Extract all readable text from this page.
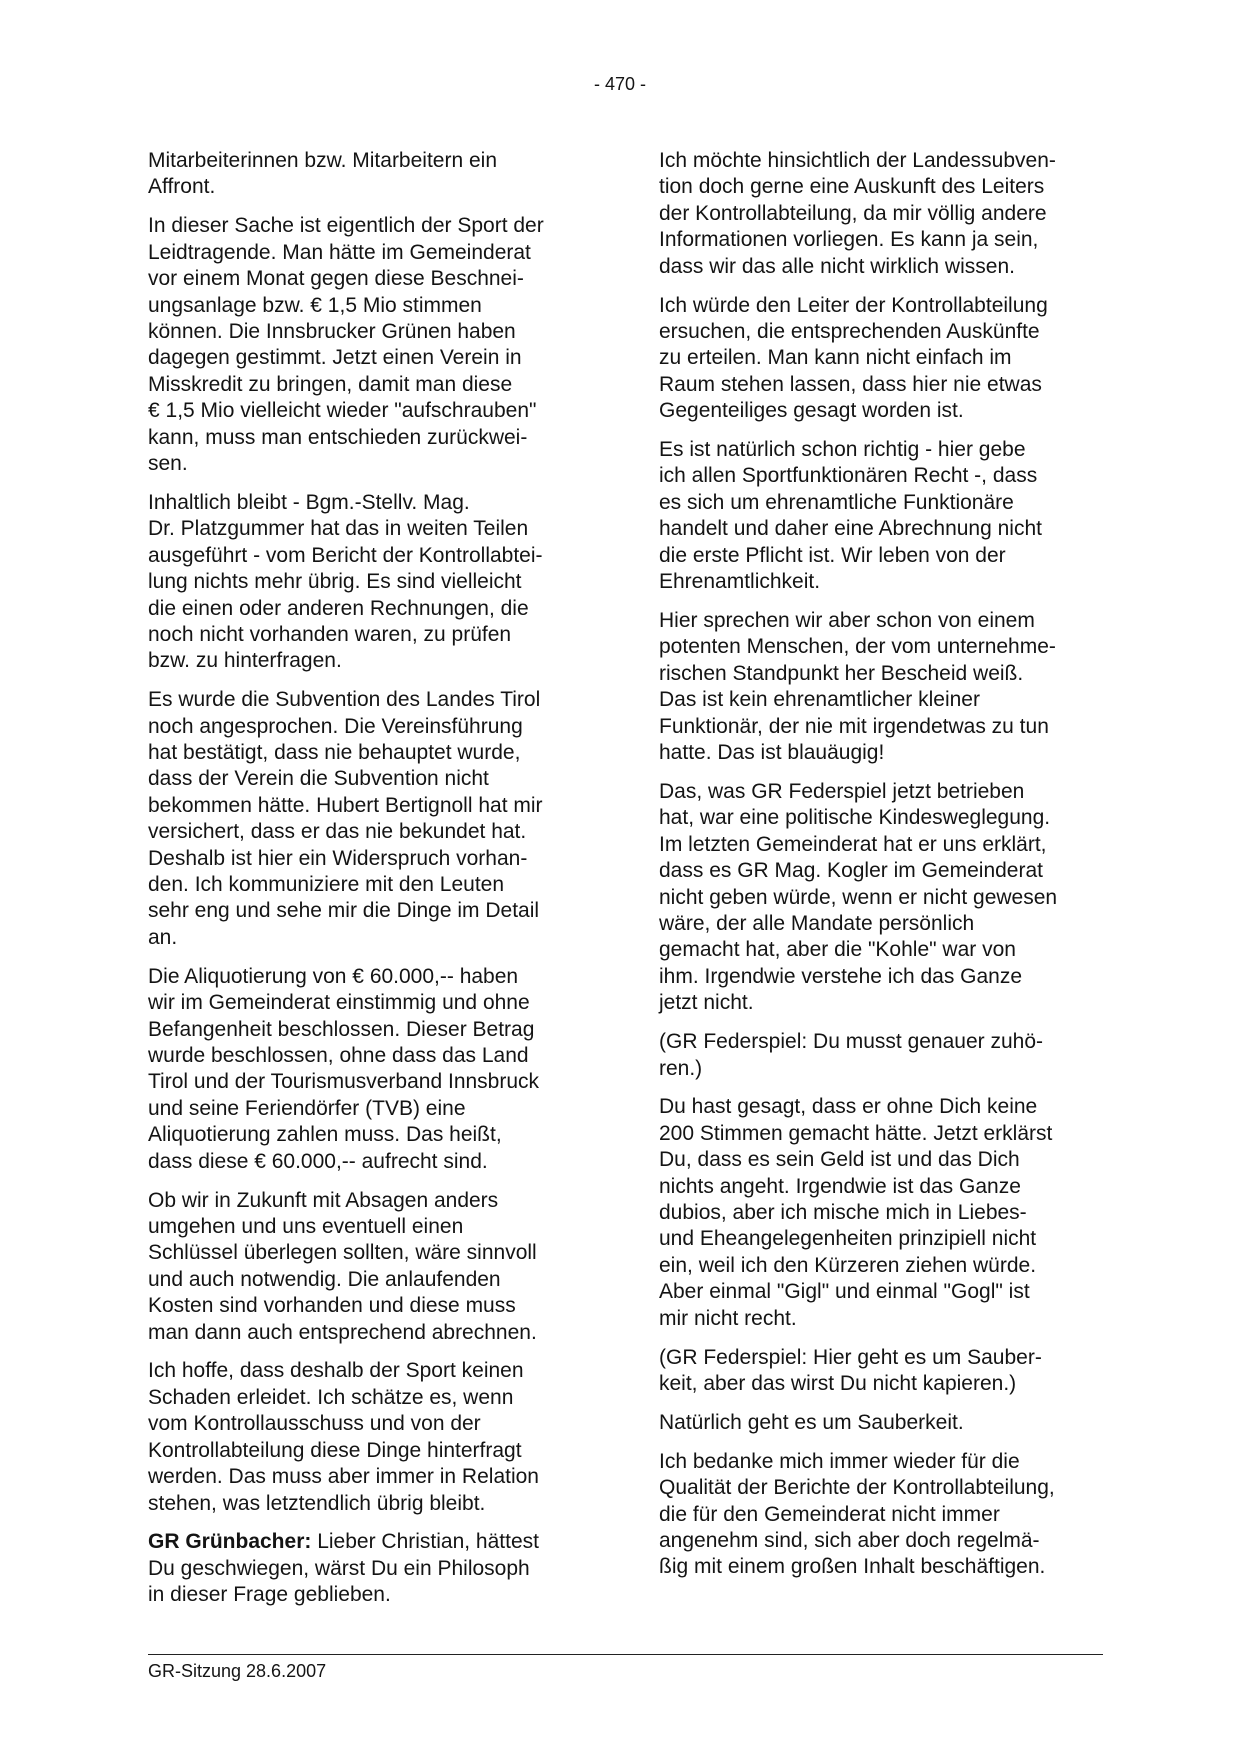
- 470 -

Mitarbeiterinnen bzw. Mitarbeitern ein
Affront.

In dieser Sache ist eigentlich der Sport der
Leidtragende. Man hätte im Gemeinderat
vor einem Monat gegen diese Beschnei-
ungsanlage bzw. € 1,5 Mio stimmen
können. Die Innsbrucker Grünen haben
dagegen gestimmt. Jetzt einen Verein in
Misskredit zu bringen, damit man diese
€ 1,5 Mio vielleicht wieder "aufschrauben"
kann, muss man entschieden zurückwei-
sen.

Inhaltlich bleibt - Bgm.-Stellv. Mag.
Dr. Platzgummer hat das in weiten Teilen
ausgeführt - vom Bericht der Kontrollabtei-
lung nichts mehr übrig. Es sind vielleicht
die einen oder anderen Rechnungen, die
noch nicht vorhanden waren, zu prüfen
bzw. zu hinterfragen.

Es wurde die Subvention des Landes Tirol
noch angesprochen. Die Vereinsführung
hat bestätigt, dass nie behauptet wurde,
dass der Verein die Subvention nicht
bekommen hätte. Hubert Bertignoll hat mir
versichert, dass er das nie bekundet hat.
Deshalb ist hier ein Widerspruch vorhan-
den. Ich kommuniziere mit den Leuten
sehr eng und sehe mir die Dinge im Detail
an.

Die Aliquotierung von € 60.000,-- haben
wir im Gemeinderat einstimmig und ohne
Befangenheit beschlossen. Dieser Betrag
wurde beschlossen, ohne dass das Land
Tirol und der Tourismusverband Innsbruck
und seine Feriendörfer (TVB) eine
Aliquotierung zahlen muss. Das heißt,
dass diese € 60.000,-- aufrecht sind.

Ob wir in Zukunft mit Absagen anders
umgehen und uns eventuell einen
Schlüssel überlegen sollten, wäre sinnvoll
und auch notwendig. Die anlaufenden
Kosten sind vorhanden und diese muss
man dann auch entsprechend abrechnen.

Ich hoffe, dass deshalb der Sport keinen
Schaden erleidet. Ich schätze es, wenn
vom Kontrollausschuss und von der
Kontrollabteilung diese Dinge hinterfragt
werden. Das muss aber immer in Relation
stehen, was letztendlich übrig bleibt.

GR Grünbacher: Lieber Christian, hättest
Du geschwiegen, wärst Du ein Philosoph
in dieser Frage geblieben.

Ich möchte hinsichtlich der Landessubven-
tion doch gerne eine Auskunft des Leiters
der Kontrollabteilung, da mir völlig andere
Informationen vorliegen. Es kann ja sein,
dass wir das alle nicht wirklich wissen.

Ich würde den Leiter der Kontrollabteilung
ersuchen, die entsprechenden Auskünfte
zu erteilen. Man kann nicht einfach im
Raum stehen lassen, dass hier nie etwas
Gegenteiliges gesagt worden ist.

Es ist natürlich schon richtig - hier gebe
ich allen Sportfunktionären Recht -, dass
es sich um ehrenamtliche Funktionäre
handelt und daher eine Abrechnung nicht
die erste Pflicht ist. Wir leben von der
Ehrenamtlichkeit.

Hier sprechen wir aber schon von einem
potenten Menschen, der vom unternehme-
rischen Standpunkt her Bescheid weiß.
Das ist kein ehrenamtlicher kleiner
Funktionär, der nie mit irgendetwas zu tun
hatte. Das ist blauäugig!

Das, was GR Federspiel jetzt betrieben
hat, war eine politische Kindesweglegung.
Im letzten Gemeinderat hat er uns erklärt,
dass es GR Mag. Kogler im Gemeinderat
nicht geben würde, wenn er nicht gewesen
wäre, der alle Mandate persönlich
gemacht hat, aber die "Kohle" war von
ihm. Irgendwie verstehe ich das Ganze
jetzt nicht.

(GR Federspiel: Du musst genauer zuhö-
ren.)

Du hast gesagt, dass er ohne Dich keine
200 Stimmen gemacht hätte. Jetzt erklärst
Du, dass es sein Geld ist und das Dich
nichts angeht. Irgendwie ist das Ganze
dubios, aber ich mische mich in Liebes-
und Eheangelegenheiten prinzipiell nicht
ein, weil ich den Kürzeren ziehen würde.
Aber einmal "Gigl" und einmal "Gogl" ist
mir nicht recht.

(GR Federspiel: Hier geht es um Sauber-
keit, aber das wirst Du nicht kapieren.)

Natürlich geht es um Sauberkeit.

Ich bedanke mich immer wieder für die
Qualität der Berichte der Kontrollabteilung,
die für den Gemeinderat nicht immer
angenehm sind, sich aber doch regelmä-
ßig mit einem großen Inhalt beschäftigen.

GR-Sitzung 28.6.2007
